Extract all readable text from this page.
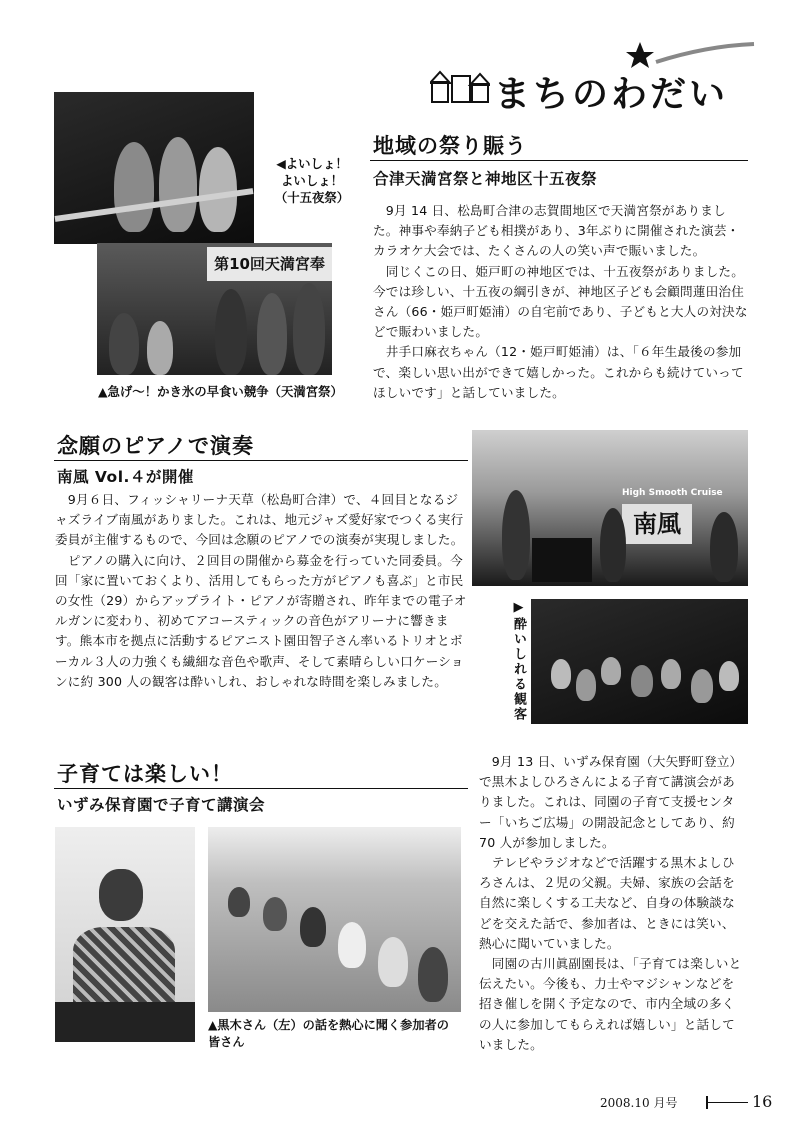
まちのわだい
◀よいしょ！
よいしょ！
（十五夜祭）
第10回天満宮奉
▲急げ～！かき氷の早食い競争（天満宮祭）
地域の祭り賑う
合津天満宮祭と神地区十五夜祭
　9月 14 日、松島町合津の志賀間地区で天満宮祭がありました。神事や奉納子ども相撲があり、3年ぶりに開催された演芸・カラオケ大会では、たくさんの人の笑い声で賑いました。
　同じくこの日、姫戸町の神地区では、十五夜祭がありました。今では珍しい、十五夜の綱引きが、神地区子ども会顧問蓮田治住さん（66・姫戸町姫浦）の自宅前であり、子どもと大人の対決などで賑わいました。
　井手口麻衣ちゃん（12・姫戸町姫浦）は、「６年生最後の参加で、楽しい思い出ができて嬉しかった。これからも続けていってほしいです」と話していました。
念願のピアノで演奏
南風 Vol.４が開催
　9月６日、フィッシャリーナ天草（松島町合津）で、４回目となるジャズライブ南風がありました。これは、地元ジャズ愛好家でつくる実行委員が主催するもので、今回は念願のピアノでの演奏が実現しました。
　ピアノの購入に向け、２回目の開催から募金を行っていた同委員。今回「家に置いておくより、活用してもらった方がピアノも喜ぶ」と市民の女性（29）からアップライト・ピアノが寄贈され、昨年までの電子オルガンに変わり、初めてアコースティックの音色がアリーナに響きます。熊本市を拠点に活動するピアニスト園田智子さん率いるトリオとボーカル３人の力強くも繊細な音色や歌声、そして素晴らしい口ケーションに約 300 人の観客は酔いしれ、おしゃれな時間を楽しみました。
High Smooth Cruise
南風
▶酔いしれる観客
子育ては楽しい！
いずみ保育園で子育て講演会
▲黒木さん（左）の話を熱心に聞く参加者の
皆さん
　9月 13 日、いずみ保育園（大矢野町登立）で黒木よしひろさんによる子育て講演会がありました。これは、同園の子育て支援センター「いちご広場」の開設記念としてあり、約 70 人が参加しました。
　テレビやラジオなどで活躍する黒木よしひろさんは、２児の父親。夫婦、家族の会話を自然に楽しくする工夫など、自身の体験談などを交えた話で、参加者は、ときには笑い、熱心に聞いていました。
　同園の古川眞副園長は、「子育ては楽しいと伝えたい。今後も、力士やマジシャンなどを招き催しを開く予定なので、市内全域の多くの人に参加してもらえれば嬉しい」と話していました。
2008.10 月号	16
